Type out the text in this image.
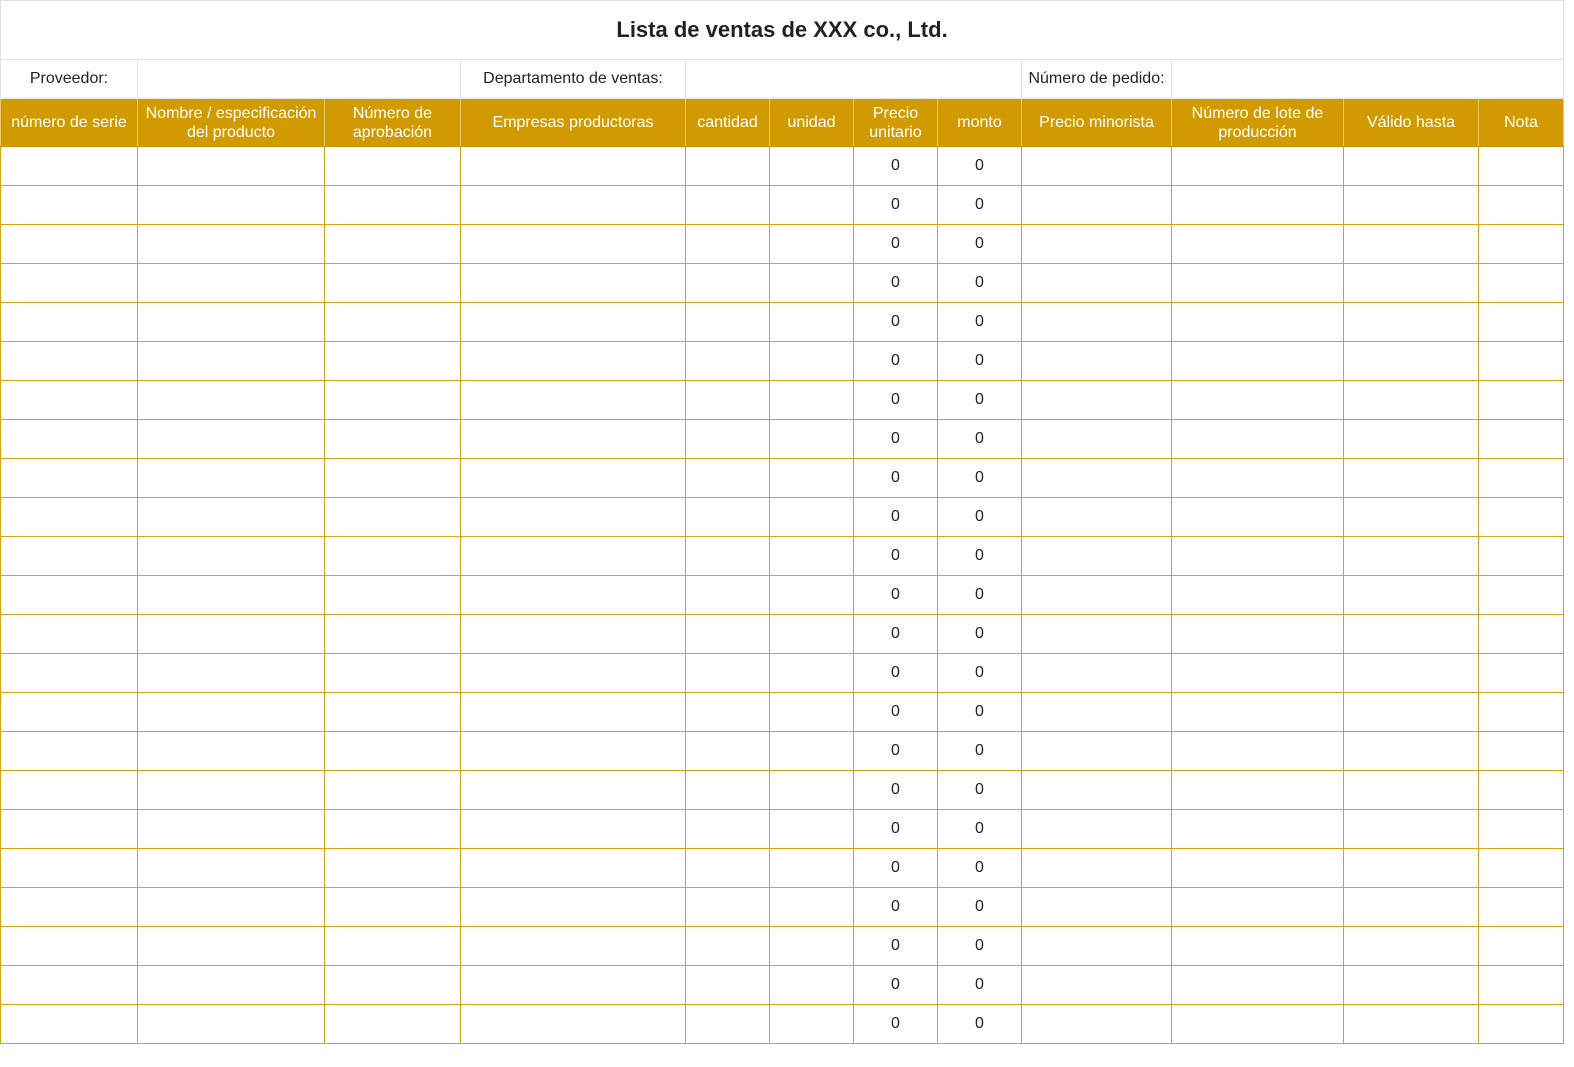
Lista de ventas de XXX co., Ltd.											
Proveedor:			Departamento de ventas:					Número de pedido:			
número de serie	Nombre / especificación del producto	Número de aprobación	Empresas productoras	cantidad	unidad	Precio unitario	monto	Precio minorista	Número de lote de producción	Válido hasta	Nota
						0	0				
						0	0				
						0	0				
						0	0				
						0	0				
						0	0				
						0	0				
						0	0				
						0	0				
						0	0				
						0	0				
						0	0				
						0	0				
						0	0				
						0	0				
						0	0				
						0	0				
						0	0				
						0	0				
						0	0				
						0	0				
						0	0				
						0	0				
